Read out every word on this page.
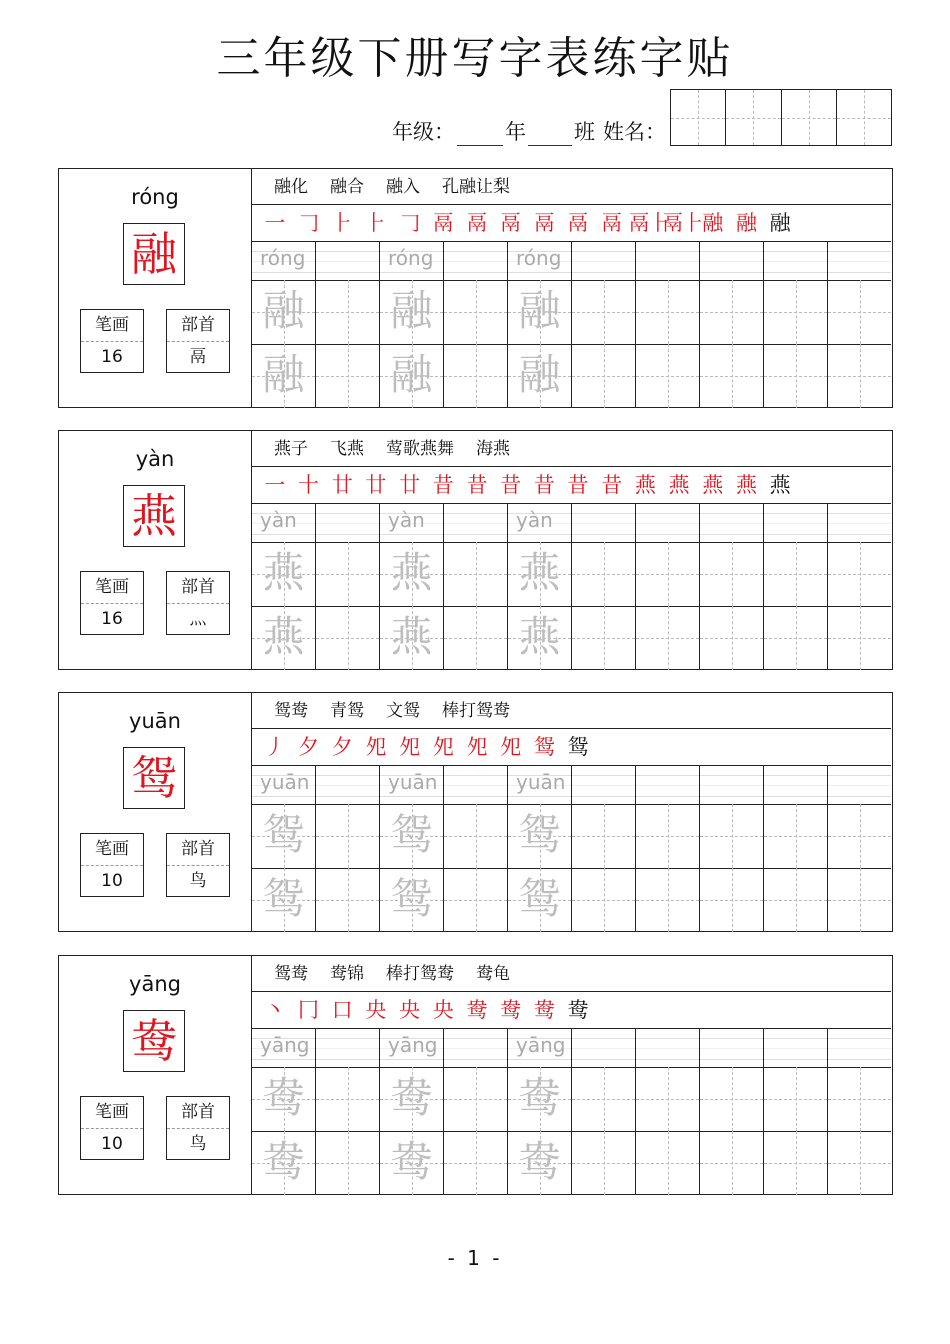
三年级下册写字表练字贴
年级： 年 班 姓名：
róng
融
笔画
16
部首
鬲
融化 融合 融入 孔融让梨
一 𠃌 ⺊ ⺊ 𠃌 鬲 鬲 鬲 鬲 鬲 鬲 鬲⺊鬲⺊融 融 融
róng	róng	róng
融 融 融
融 融 融
yàn
燕
笔画
16
部首
灬
燕子 飞燕 莺歌燕舞 海燕
一 十 廿 廿 廿 昔 昔 昔 昔 昔 昔 燕 燕 燕 燕 燕
yàn	yàn	yàn
燕 燕 燕
燕 燕 燕
yuān
鸳
笔画
10
部首
鸟
鸳鸯 青鸳 文鸳 棒打鸳鸯
丿 夕 夕 夗 夗 夗 夗 夗 鸳 鸳
yuān	yuān	yuān
鸳 鸳 鸳
鸳 鸳 鸳
yāng
鸯
笔画
10
部首
鸟
鸳鸯 鸯锦 棒打鸳鸯 鸯龟
丶 冂 口 央 央 央 鸯 鸯 鸯 鸯
yāng	yāng	yāng
鸯 鸯 鸯
鸯 鸯 鸯
- 1 -
